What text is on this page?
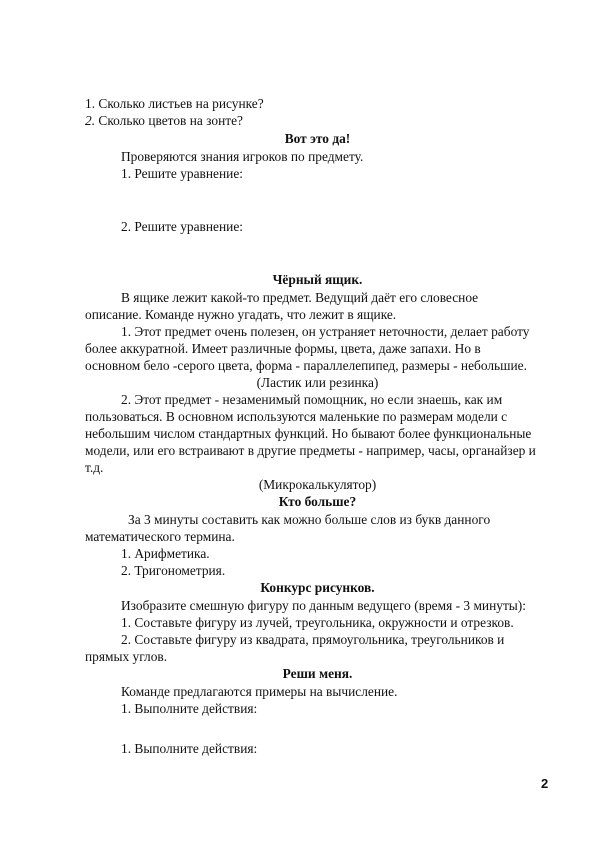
1. Сколько листьев на рисунке?
2. Сколько цветов на зонте?
Вот это да!
Проверяются знания игроков по предмету.
1. Решите уравнение:
2. Решите уравнение:
Чёрный ящик.
В ящике лежит какой-то предмет. Ведущий даёт его словесное
описание. Команде нужно угадать, что лежит в ящике.
1. Этот предмет очень полезен, он устраняет неточности, делает работу
более аккуратной. Имеет различные формы, цвета, даже запахи. Но в
основном бело -серого цвета, форма - параллелепипед, размеры - небольшие.
(Ластик или резинка)
2. Этот предмет - незаменимый помощник, но если знаешь, как им
пользоваться. В основном используются маленькие по размерам модели с
небольшим числом стандартных функций. Но бывают более функциональные
модели, или его встраивают в другие предметы - например, часы, органайзер и
т.д.
(Микрокалькулятор)
Кто больше?
За 3 минуты составить как можно больше слов из букв данного
математического термина.
1. Арифметика.
2. Тригонометрия.
Конкурс рисунков.
Изобразите смешную фигуру по данным ведущего (время - 3 минуты):
1. Составьте фигуру из лучей, треугольника, окружности и отрезков.
2. Составьте фигуру из квадрата, прямоугольника, треугольников и
прямых углов.
Реши меня.
Команде предлагаются примеры на вычисление.
1. Выполните действия:
1. Выполните действия:
2
